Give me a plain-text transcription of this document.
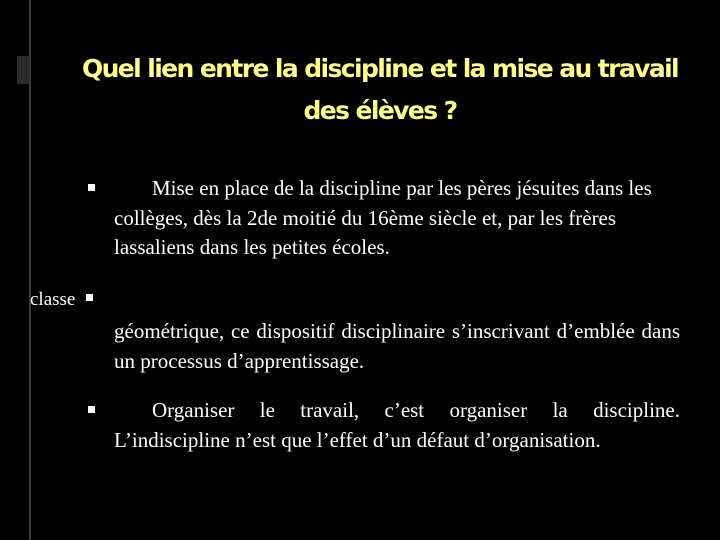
Quel lien entre la discipline et la mise au travail des élèves ?
Mise en place de la discipline par les pères jésuites dans les collèges, dès la 2de moitié du 16ème siècle et, par les frères lassaliens dans les petites écoles.
classe
géométrique, ce dispositif disciplinaire s’inscrivant d’emblée dans un processus d’apprentissage.
Organiser le travail, c’est organiser la discipline. L’indiscipline n’est que l’effet d’un défaut d’organisation.
